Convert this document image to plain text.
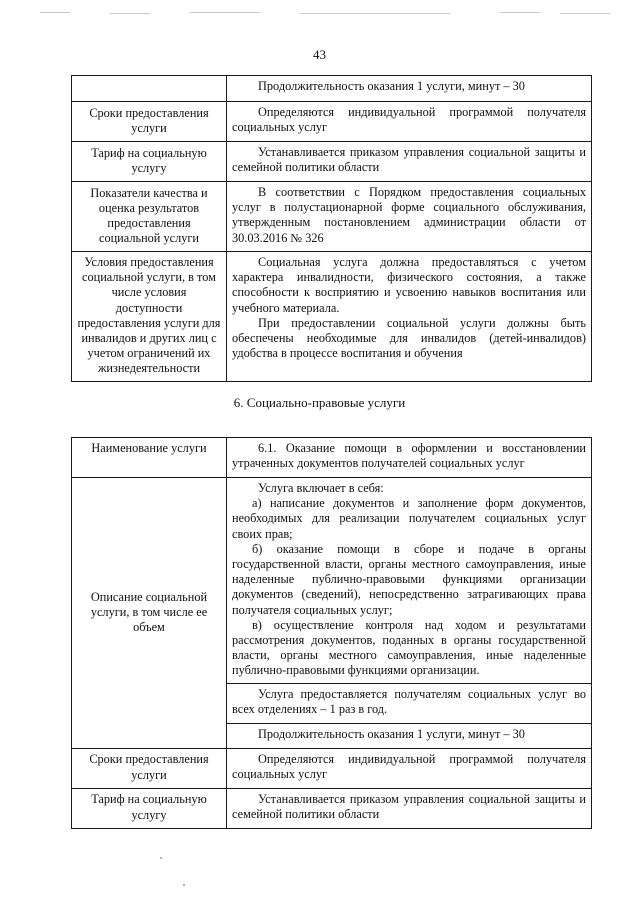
43
	Продолжительность оказания 1 услуги, минут – 30
Сроки предоставления услуги	Определяются индивидуальной программой получателя социальных услуг
Тариф на социальную услугу	Устанавливается приказом управления социальной защиты и семейной политики области
Показатели качества и оценка результатов предоставления социальной услуги	В соответствии с Порядком предоставления социальных услуг в полустационарной форме социального обслуживания, утвержденным постановлением администрации области от 30.03.2016 № 326
Условия предоставления социальной услуги, в том числе условия доступности предоставления услуги для инвалидов и других лиц с учетом ограничений их жизнедеятельности	Социальная услуга должна предоставляться с учетом характера инвалидности, физического состояния, а также способности к восприятию и усвоению навыков воспитания или учебного материала.

При предоставлении социальной услуги должны быть обеспечены необходимые для инвалидов (детей-инвалидов) удобства в процессе воспитания и обучения

6. Социально-правовые услуги
Наименование услуги	6.1. Оказание помощи в оформлении и восстановлении утраченных документов получателей социальных услуг
Описание социальной услуги, в том числе ее объем	Услуга включает в себя:

а) написание документов и заполнение форм документов, необходимых для реализации получателем социальных услуг своих прав;

б) оказание помощи в сборе и подаче в органы государственной власти, органы местного самоуправления, иные наделенные публично-правовыми функциями организации документов (сведений), непосредственно затрагивающих права получателя социальных услуг;

в) осуществление контроля над ходом и результатами рассмотрения документов, поданных в органы государственной власти, органы местного самоуправления, иные наделенные публично-правовыми функциями организации.

	Услуга предоставляется получателям социальных услуг во всех отделениях – 1 раз в год.
	Продолжительность оказания 1 услуги, минут – 30
Сроки предоставления услуги	Определяются индивидуальной программой получателя социальных услуг
Тариф на социальную услугу	Устанавливается приказом управления социальной защиты и семейной политики области
